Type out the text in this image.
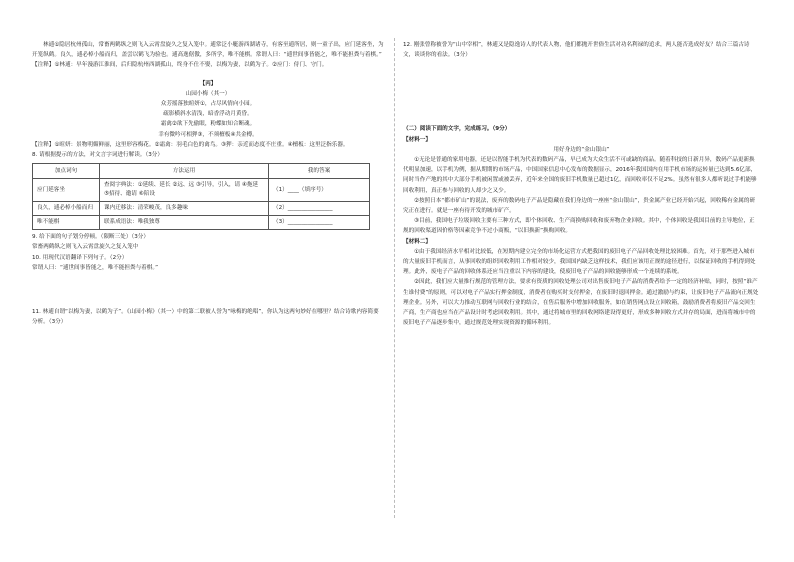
林逋①隐居杭州孤山，常畜两鹤纵之则飞入云霄盘旋久之复入笼中。逋常泛小艇游西湖诸寺，有客至逋所居，则一童子出，应门延客坐，为开笼纵鹤。良久，逋必棹小船而归，盖尝以鹤飞为验也。逋高逸倨傲，多所学，唯不能棋。常谓人曰：“逋世间事皆能之，唯不能担粪与着棋。”

【注释】①林逋：早年漫游江淮间，后归隐杭州西湖孤山，终身不仕不娶，以梅为妻，以鹤为子。②应门：侍门、守门。

【丙】

山园小梅（其一）

众芳摇落独暄妍①，占尽风情向小园。

疏影横斜水清浅，暗香浮动月黄昏。

霜禽②欲下先偷眼，粉蝶如知合断魂。

幸有微吟可相狎③，不须檀板④共金樽。

【注释】①暄妍：景物明媚鲜丽，这里形容梅花。②霜禽：羽毛白色的禽鸟。③狎：亲近而态度不庄重。④檀板：这里泛指乐器。

8. 请根据提示的方法，对文言字词进行解读。（3分）

加点词句	方法运用	我的答案
应门延客坐	查阅字典法：①延续、延长 ②远、远 ③引导，引入，请 ④拖延 ⑤招待、邀请 ⑥陪设	（1）____（填序号）
良久，逋必棹小船而归	课内迁移法：清荣峻茂，良多趣味	（2）________________
唯不能棋	联系成语法：唯我独尊	（3）________________

9. 给下面的句子划分停顿。（限断三处）（3分）

常畜两鹤纵之则飞入云霄盘旋久之复入笼中

10. 用现代汉语翻译下列句子。（2分）

常谓人曰：“逋世间事皆能之，唯不能担粪与着棋。”

11. 林逋自谓“以梅为妻，以鹤为子”。《山园小梅》（其一）中的第二联被人誉为“咏梅的绝唱”，你认为这两句妙好在哪里？结合诗歌内容简要分析。（3分）

12. 刚张曾称被誉为“山中宰相”，林逋又是隐逸诗人的代表人物，他们都抛开世俗生活对功名利禄的追求，两人能否选成好友？结合三篇古诗文，谈谈你的看法。（3分）

（二）阅读下面的文字，完成练习。（9分）

【材料一】

用好身边的“金山银山”

①无论是普通的家用电器，还是以智能手机为代表的数码产品，早已成为大众生活不可或缺的商品。随着科技的日新月异，数码产品更新换代明显加速，以手机为例，据从期期的市场产品，中国国家信息中心发布的数据显示，2016年我国国内在用手机市场的运转量已达到5.6亿部，同时当作产地的其中大部分手机被闲置或被丢弃，近年来全国的废旧手机数量已超过1亿，而回收率仅不足2%。虽然有很多人都听说过手机能够回收利用，真正参与回收的人却少之又少。

②按照日本“都市矿山”的说法，废弃的数码电子产品是隐藏在我们身边的一座座“金山银山”，贵金属产业已经开始兴起，回收稀有金属的研究正在进行。就是一座有待开发的城市矿产。

③目前，我国电子垃圾回收主要有三种方式，即个体回收、生产商换购回收和废弃物企业回收。其中，个体回收是我国目前的主导地位，正规的回收渠道因价格等因素竞争不过小商贩，“以旧换新”换购回收。

【材料二】

①由于我国经济水平相对比较低，在短期内建立完全的市场化运营方式把我国的废旧电子产品回收处理比较困难。首先，对于那些进入城市的大量废旧手机而言，从事回收的组织回收利用工作相对较少，我国国内缺乏这样技术，我们应该用正规的途径进行，以保证回收的手机得到处理。此外，废电子产品的回收体系还应当注重以下内容的建设，使废旧电子产品的回收能够形成一个连续的系统。

②因此，我们应大量推行规范的管理方法，要求有资质的回收处理公司对出售废旧电子产品的消费者给予一定的经济补贴，同时，按照“谁产生谁付费”的原则，可以对电子产品实行押金制度，消费者在购买时支付押金，在废旧时退回押金。通过激励与约束，让废旧电子产品流向正规处理企业。另外，可以大力推动互联网与回收行业的结合，在售后服务中增加回收服务，如在销售网点设立回收箱，鼓励消费者将废旧产品交回生产商，生产商也应当在产品设计时考虑回收利用。其中，通过将城市里的回收网络建设得更好，形成多种回收方式并存的局面，进而将城市中的废旧电子产品逐步集中，通过规范处理实现资源的循环利用。
